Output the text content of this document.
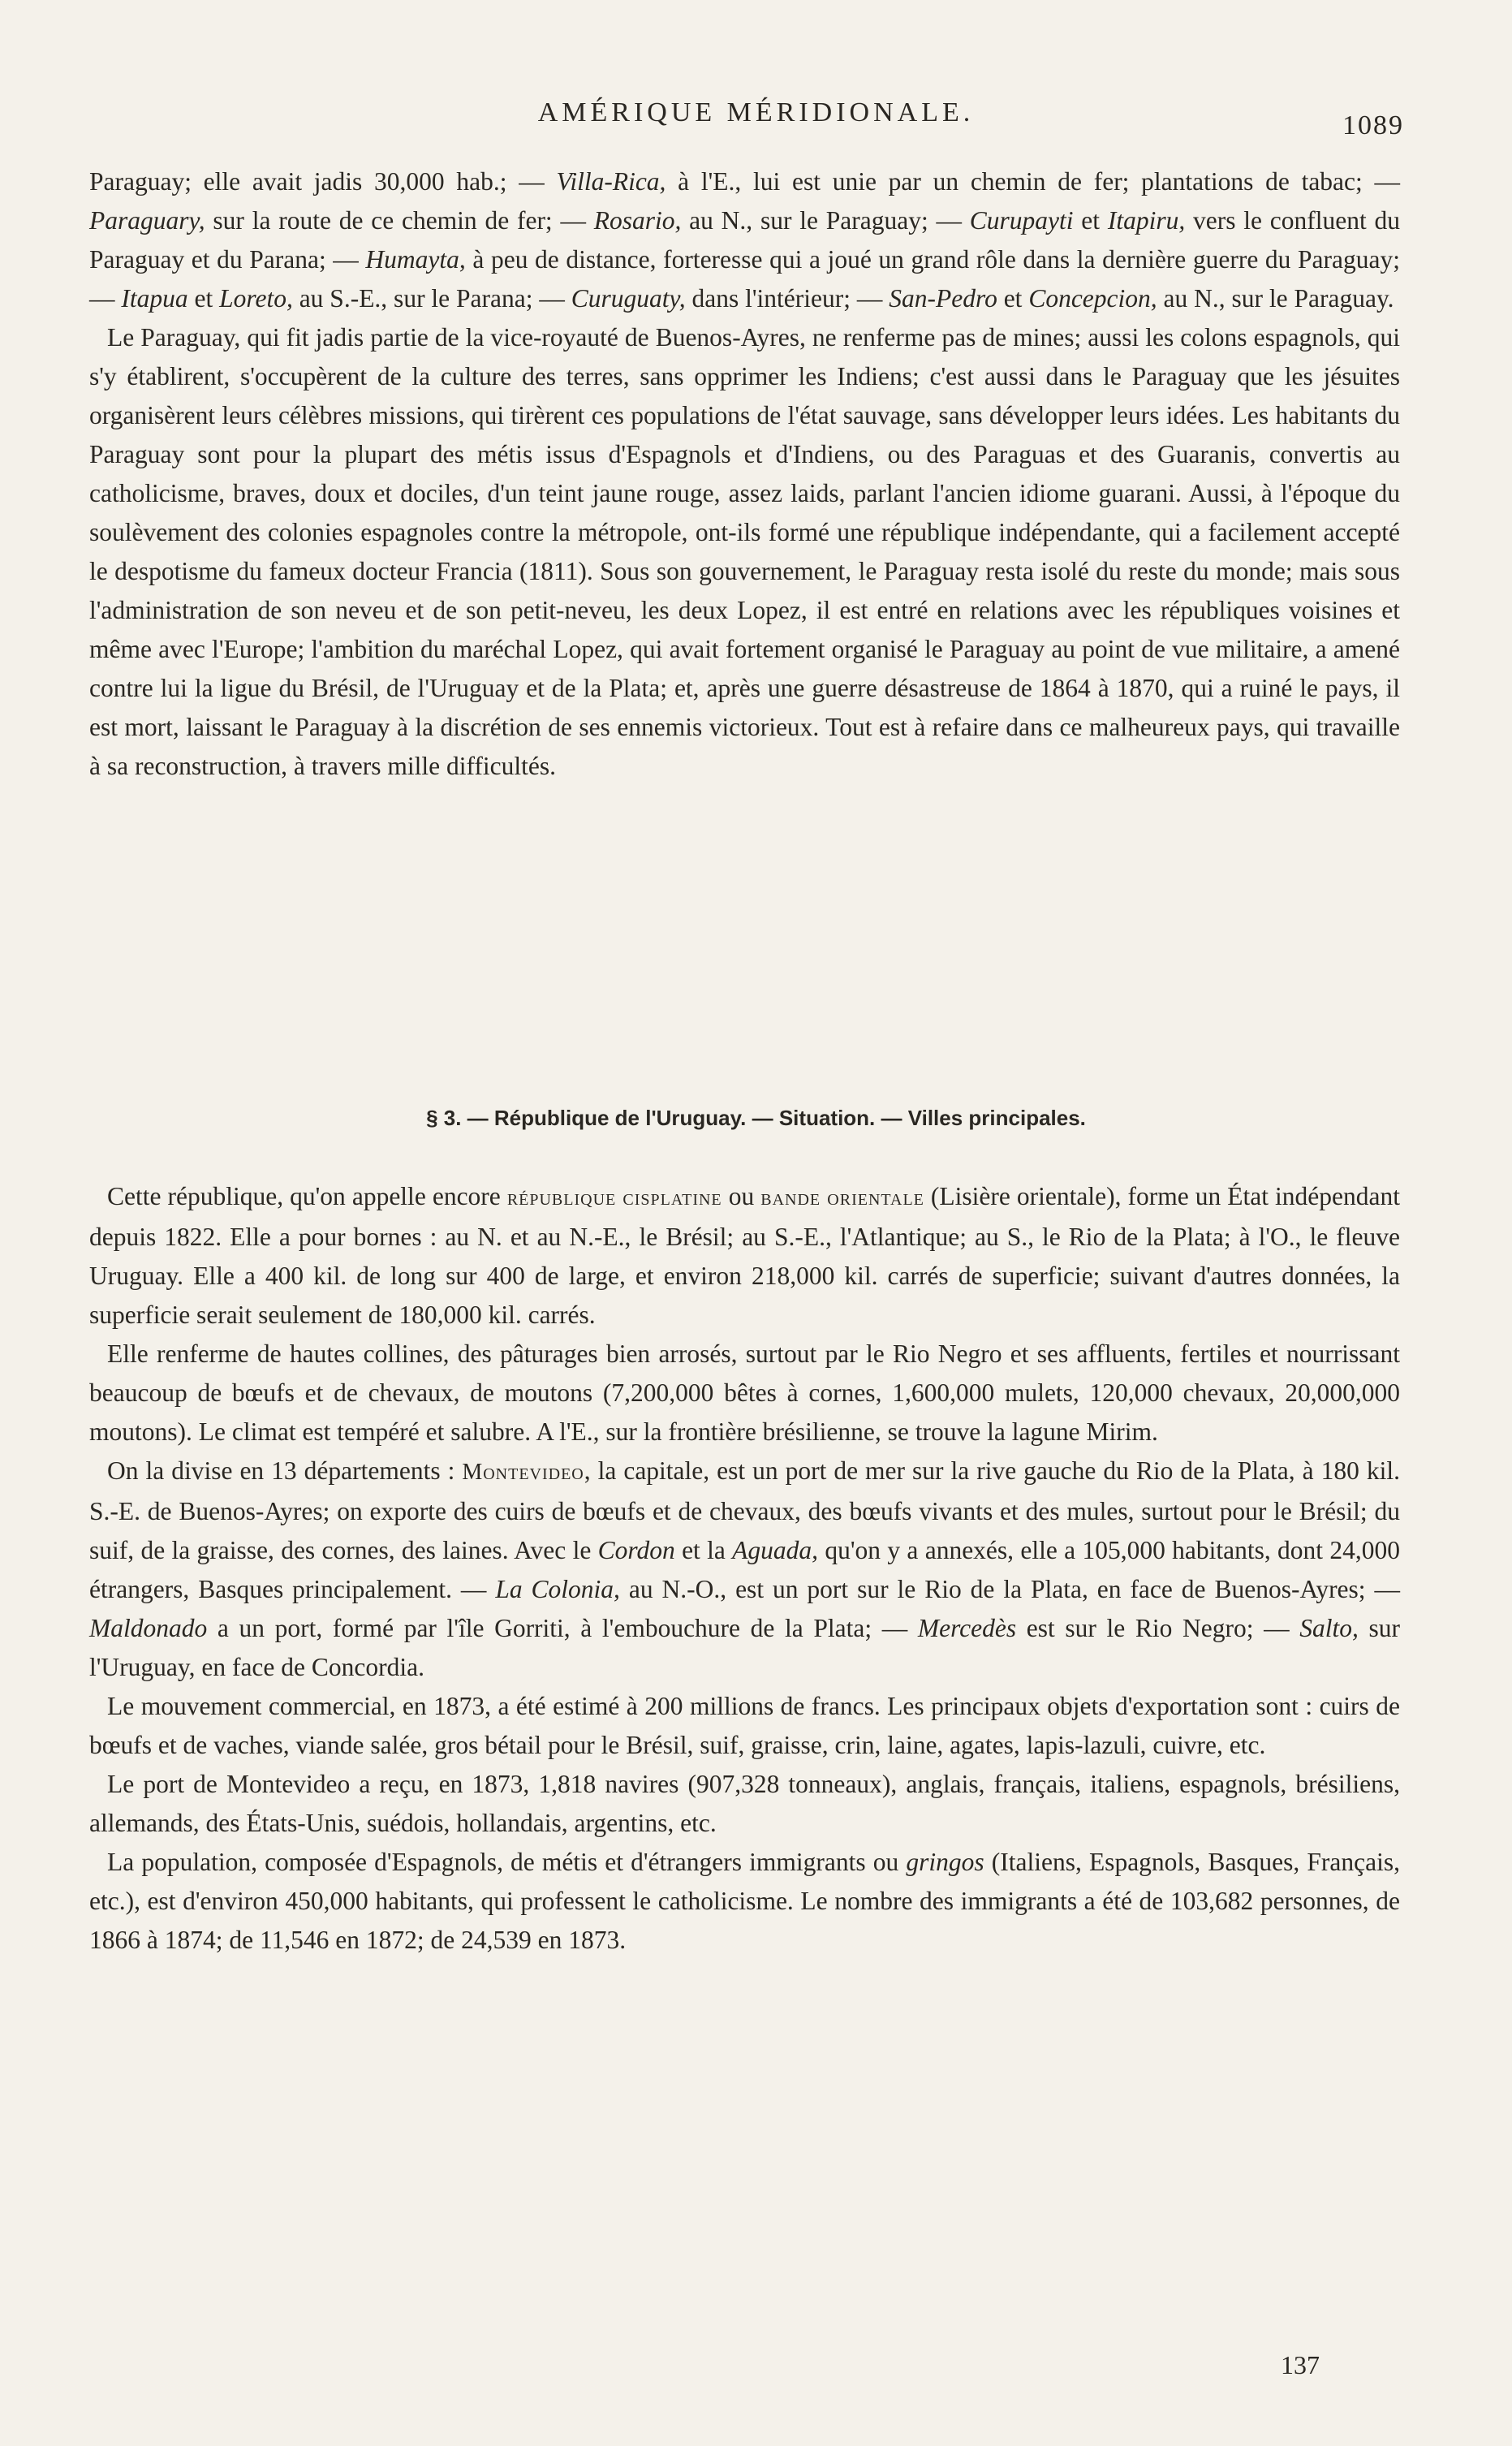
AMÉRIQUE MÉRIDIONALE.	1089

Paraguay; elle avait jadis 30,000 hab.; — Villa-Rica, à l'E., lui est unie par un chemin de fer; plantations de tabac; — Paraguary, sur la route de ce chemin de fer; — Rosario, au N., sur le Paraguay; — Curupayti et Itapiru, vers le confluent du Paraguay et du Parana; — Humayta, à peu de distance, forteresse qui a joué un grand rôle dans la dernière guerre du Paraguay; — Itapua et Loreto, au S.-E., sur le Parana; — Curuguaty, dans l'intérieur; — San-Pedro et Concepcion, au N., sur le Paraguay.

Le Paraguay, qui fit jadis partie de la vice-royauté de Buenos-Ayres, ne renferme pas de mines; aussi les colons espagnols, qui s'y établirent, s'occupèrent de la culture des terres, sans opprimer les Indiens; c'est aussi dans le Paraguay que les jésuites organisèrent leurs célèbres missions, qui tirèrent ces populations de l'état sauvage, sans développer leurs idées. Les habitants du Paraguay sont pour la plupart des métis issus d'Espagnols et d'Indiens, ou des Paraguas et des Guaranis, convertis au catholicisme, braves, doux et dociles, d'un teint jaune rouge, assez laids, parlant l'ancien idiome guarani. Aussi, à l'époque du soulèvement des colonies espagnoles contre la métropole, ont-ils formé une république indépendante, qui a facilement accepté le despotisme du fameux docteur Francia (1811). Sous son gouvernement, le Paraguay resta isolé du reste du monde; mais sous l'administration de son neveu et de son petit-neveu, les deux Lopez, il est entré en relations avec les républiques voisines et même avec l'Europe; l'ambition du maréchal Lopez, qui avait fortement organisé le Paraguay au point de vue militaire, a amené contre lui la ligue du Brésil, de l'Uruguay et de la Plata; et, après une guerre désastreuse de 1864 à 1870, qui a ruiné le pays, il est mort, laissant le Paraguay à la discrétion de ses ennemis victorieux. Tout est à refaire dans ce malheureux pays, qui travaille à sa reconstruction, à travers mille difficultés.

§ 3. — République de l'Uruguay. — Situation. — Villes principales.

Cette république, qu'on appelle encore république cisplatine ou bande orientale (Lisière orientale), forme un État indépendant depuis 1822. Elle a pour bornes : au N. et au N.-E., le Brésil; au S.-E., l'Atlantique; au S., le Rio de la Plata; à l'O., le fleuve Uruguay. Elle a 400 kil. de long sur 400 de large, et environ 218,000 kil. carrés de superficie; suivant d'autres données, la superficie serait seulement de 180,000 kil. carrés.

Elle renferme de hautes collines, des pâturages bien arrosés, surtout par le Rio Negro et ses affluents, fertiles et nourrissant beaucoup de bœufs et de chevaux, de moutons (7,200,000 bêtes à cornes, 1,600,000 mulets, 120,000 chevaux, 20,000,000 moutons). Le climat est tempéré et salubre. A l'E., sur la frontière brésilienne, se trouve la lagune Mirim.

On la divise en 13 départements : Montevideo, la capitale, est un port de mer sur la rive gauche du Rio de la Plata, à 180 kil. S.-E. de Buenos-Ayres; on exporte des cuirs de bœufs et de chevaux, des bœufs vivants et des mules, surtout pour le Brésil; du suif, de la graisse, des cornes, des laines. Avec le Cordon et la Aguada, qu'on y a annexés, elle a 105,000 habitants, dont 24,000 étrangers, Basques principalement. — La Colonia, au N.-O., est un port sur le Rio de la Plata, en face de Buenos-Ayres; — Maldonado a un port, formé par l'île Gorriti, à l'embouchure de la Plata; — Mercedès est sur le Rio Negro; — Salto, sur l'Uruguay, en face de Concordia.

Le mouvement commercial, en 1873, a été estimé à 200 millions de francs. Les principaux objets d'exportation sont : cuirs de bœufs et de vaches, viande salée, gros bétail pour le Brésil, suif, graisse, crin, laine, agates, lapis-lazuli, cuivre, etc.

Le port de Montevideo a reçu, en 1873, 1,818 navires (907,328 tonneaux), anglais, français, italiens, espagnols, brésiliens, allemands, des États-Unis, suédois, hollandais, argentins, etc.

La population, composée d'Espagnols, de métis et d'étrangers immigrants ou gringos (Italiens, Espagnols, Basques, Français, etc.), est d'environ 450,000 habitants, qui professent le catholicisme. Le nombre des immigrants a été de 103,682 personnes, de 1866 à 1874; de 11,546 en 1872; de 24,539 en 1873.

137
